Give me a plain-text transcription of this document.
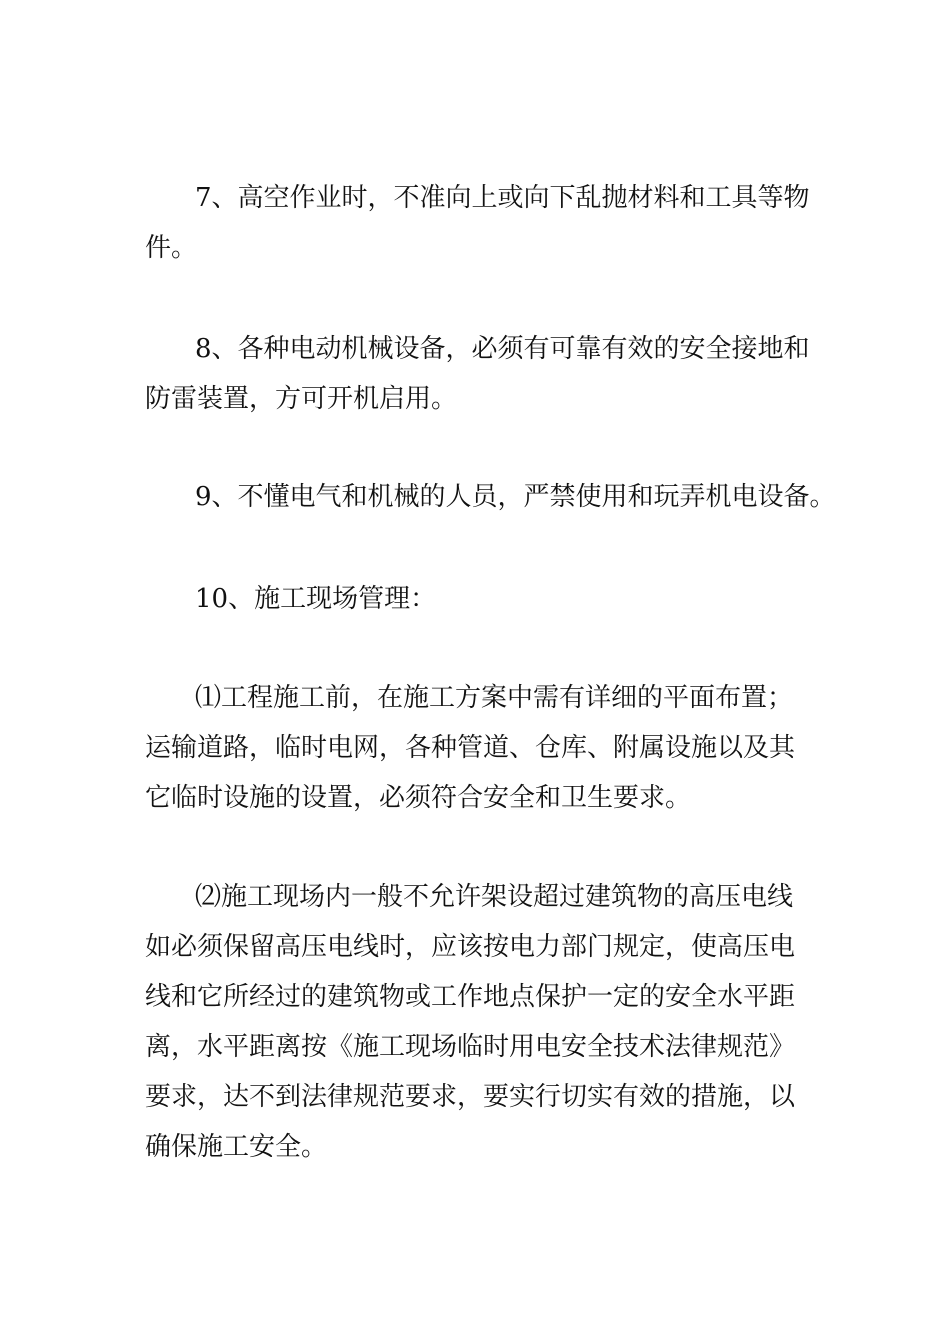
7、高空作业时，不准向上或向下乱抛材料和工具等物
件。
8、各种电动机械设备，必须有可靠有效的安全接地和
防雷装置，方可开机启用。
9、不懂电气和机械的人员，严禁使用和玩弄机电设备。
10、施工现场管理：
⑴工程施工前，在施工方案中需有详细的平面布置；
运输道路，临时电网，各种管道、仓库、附属设施以及其
它临时设施的设置，必须符合安全和卫生要求。
⑵施工现场内一般不允许架设超过建筑物的高压电线
如必须保留高压电线时，应该按电力部门规定，使高压电
线和它所经过的建筑物或工作地点保护一定的安全水平距
离，水平距离按《施工现场临时用电安全技术法律规范》
要求，达不到法律规范要求，要实行切实有效的措施，以
确保施工安全。
